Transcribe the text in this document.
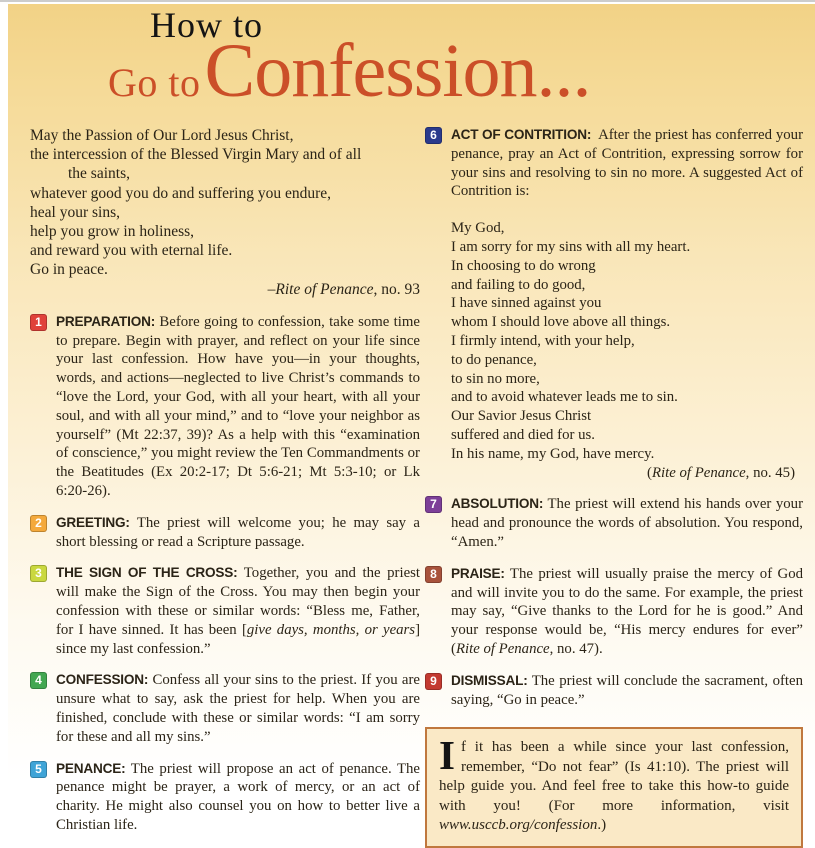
How to
Go to Confession...
May the Passion of Our Lord Jesus Christ,
the intercession of the Blessed Virgin Mary and of all
the saints,
whatever good you do and suffering you endure,
heal your sins,
help you grow in holiness,
and reward you with eternal life.
Go in peace.
–Rite of Penance, no. 93
1	PREPARATION: Before going to confession, take some time to prepare. Begin with prayer, and reflect on your life since your last confession. How have you—in your thoughts, words, and actions—neglected to live Christ’s commands to “love the Lord, your God, with all your heart, with all your soul, and with all your mind,” and to “love your neighbor as yourself” (Mt 22:37, 39)? As a help with this “examination of conscience,” you might review the Ten Commandments or the Beatitudes (Ex 20:2-17; Dt 5:6-21; Mt 5:3-10; or Lk 6:20-26).

2	GREETING: The priest will welcome you; he may say a short blessing or read a Scripture passage.

3	THE SIGN OF THE CROSS: Together, you and the priest will make the Sign of the Cross. You may then begin your confession with these or similar words: “Bless me, Father, for I have sinned. It has been [give days, months, or years] since my last confession.”

4	CONFESSION: Confess all your sins to the priest. If you are unsure what to say, ask the priest for help. When you are finished, conclude with these or similar words: “I am sorry for these and all my sins.”

5	PENANCE: The priest will propose an act of penance. The penance might be prayer, a work of mercy, or an act of charity. He might also counsel you on how to better live a Christian life.

6	ACT OF CONTRITION: After the priest has conferred your penance, pray an Act of Contrition, expressing sorrow for your sins and resolving to sin no more. A suggested Act of Contrition is:
My God,
I am sorry for my sins with all my heart.
In choosing to do wrong
and failing to do good,
I have sinned against you
whom I should love above all things.
I firmly intend, with your help,
to do penance,
to sin no more,
and to avoid whatever leads me to sin.
Our Savior Jesus Christ
suffered and died for us.
In his name, my God, have mercy.
(Rite of Penance, no. 45)
7	ABSOLUTION: The priest will extend his hands over your head and pronounce the words of absolution. You respond, “Amen.”

8	PRAISE: The priest will usually praise the mercy of God and will invite you to do the same. For example, the priest may say, “Give thanks to the Lord for he is good.” And your response would be, “His mercy endures for ever” (Rite of Penance, no. 47).

9	DISMISSAL: The priest will conclude the sacrament, often saying, “Go in peace.”

If it has been a while since your last confession, remember, “Do not fear” (Is 41:10). The priest will help guide you. And feel free to take this how-to guide with you! (For more information, visit www.usccb.org/confession.)
